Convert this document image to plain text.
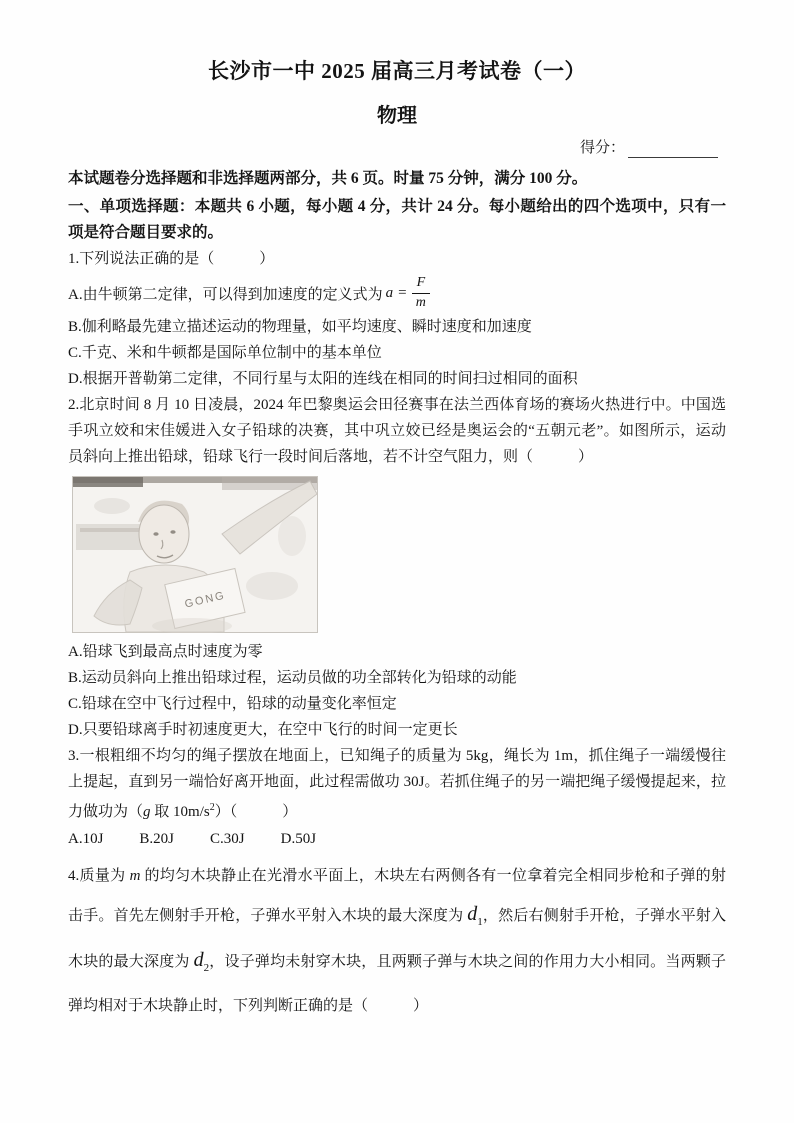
长沙市一中 2025 届高三月考试卷（一）
物理
得分：

本试题卷分选择题和非选择题两部分，共 6 页。时量 75 分钟，满分 100 分。

一、单项选择题：本题共 6 小题，每小题 4 分，共计 24 分。每小题给出的四个选项中，只有一项是符合题目要求的。

1.下列说法正确的是（　　　）

A.由牛顿第二定律，可以得到加速度的定义式为 $a = \frac{F}{m}$

B.伽利略最先建立描述运动的物理量，如平均速度、瞬时速度和加速度

C.千克、米和牛顿都是国际单位制中的基本单位

D.根据开普勒第二定律，不同行星与太阳的连线在相同的时间扫过相同的面积

2.北京时间 8 月 10 日凌晨，2024 年巴黎奥运会田径赛事在法兰西体育场的赛场火热进行中。中国选手巩立姣和宋佳媛进入女子铅球的决赛，其中巩立姣已经是奥运会的“五朝元老”。如图所示，运动员斜向上推出铅球，铅球飞行一段时间后落地，若不计空气阻力，则（　　　）

GONG

A.铅球飞到最高点时速度为零

B.运动员斜向上推出铅球过程，运动员做的功全部转化为铅球的动能

C.铅球在空中飞行过程中，铅球的动量变化率恒定

D.只要铅球离手时初速度更大，在空中飞行的时间一定更长

3.一根粗细不均匀的绳子摆放在地面上，已知绳子的质量为 5kg，绳长为 1m，抓住绳子一端缓慢往上提起，直到另一端恰好离开地面，此过程需做功 30J。若抓住绳子的另一端把绳子缓慢提起来，拉力做功为（g 取 $10m/s^2$）（　　　）

A.10J B.20J C.30J D.50J

4.质量为 m 的均匀木块静止在光滑水平面上，木块左右两侧各有一位拿着完全相同步枪和子弹的射击手。首先左侧射手开枪，子弹水平射入木块的最大深度为 $d_1$，然后右侧射手开枪，子弹水平射入木块的最大深度为 $d_2$，设子弹均未射穿木块，且两颗子弹与木块之间的作用力大小相同。当两颗子弹均相对于木块静止时，下列判断正确的是（　　　）
